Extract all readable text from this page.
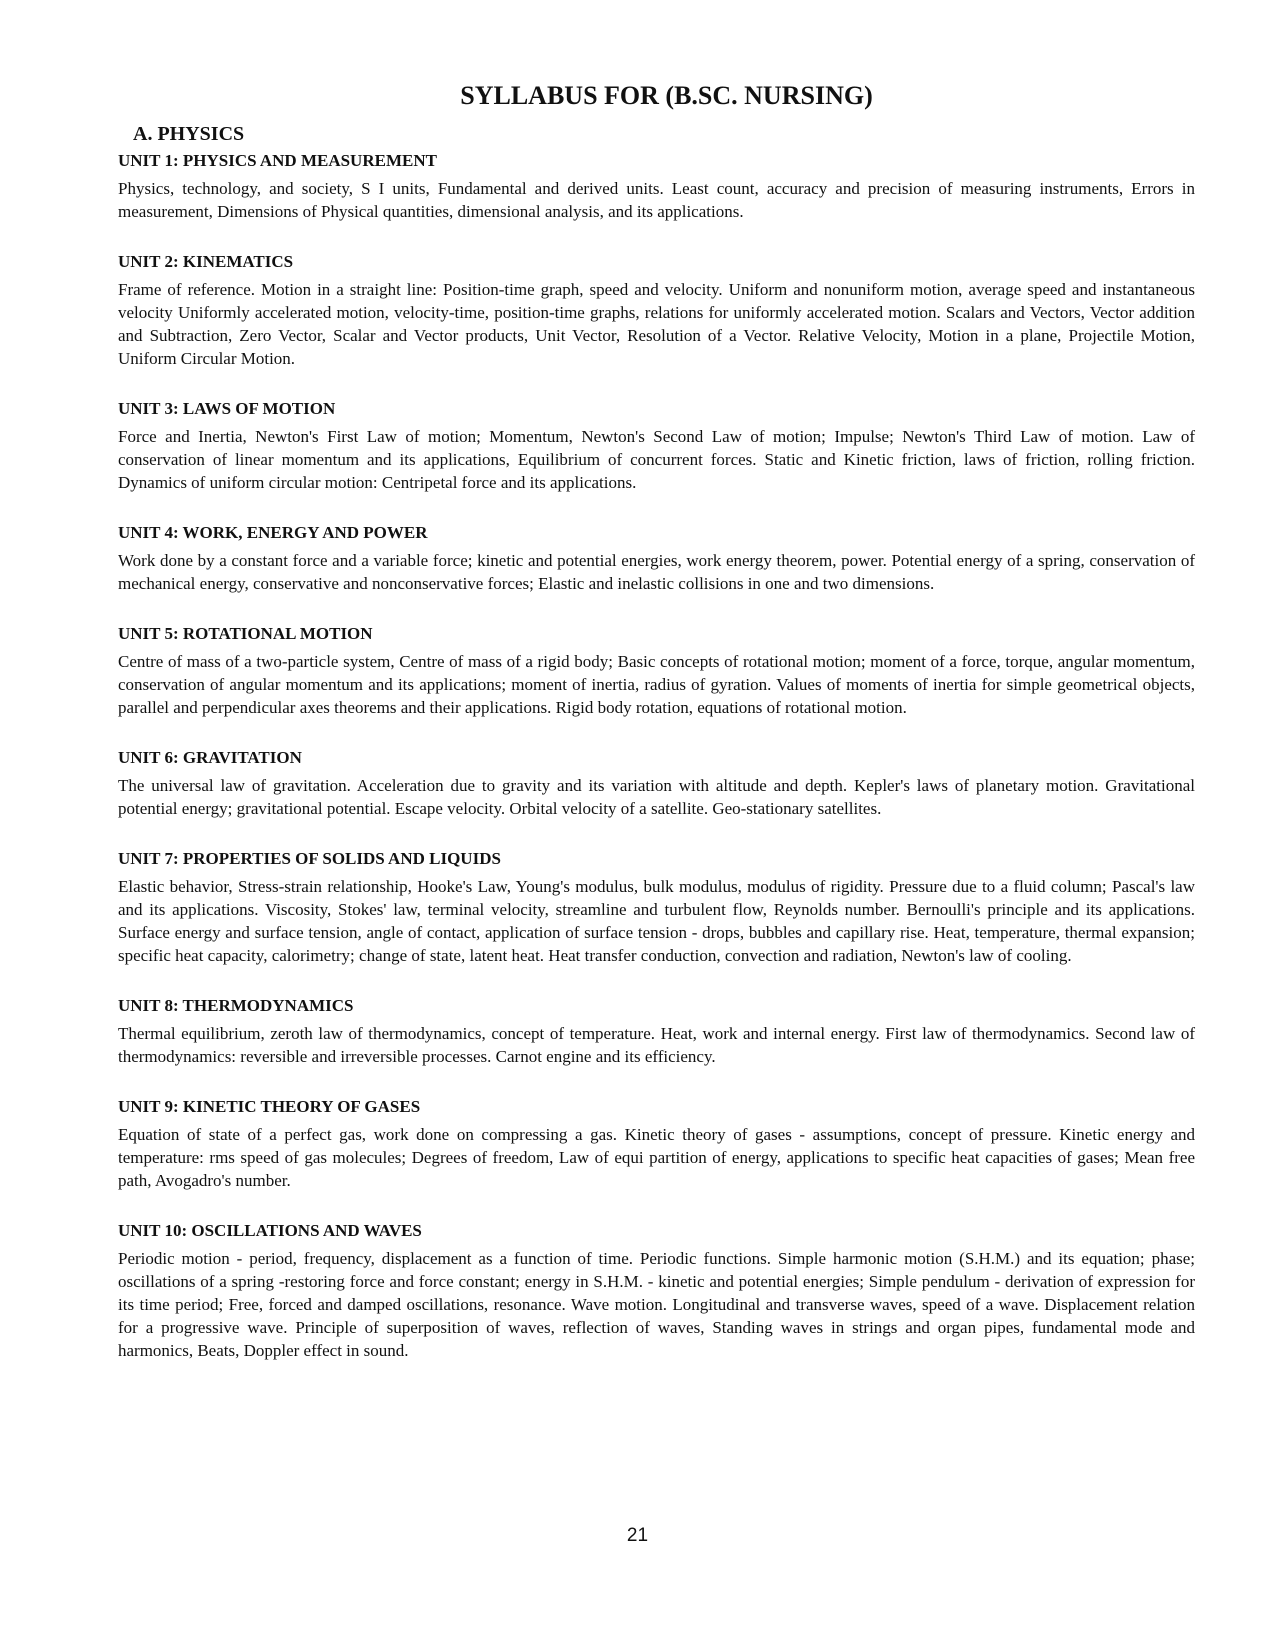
SYLLABUS FOR (B.SC. NURSING)
A. PHYSICS
UNIT 1: PHYSICS AND MEASUREMENT

Physics, technology, and society, S I units, Fundamental and derived units. Least count, accuracy and precision of measuring instruments, Errors in measurement, Dimensions of Physical quantities, dimensional analysis, and its applications.

UNIT 2: KINEMATICS

Frame of reference. Motion in a straight line: Position-time graph, speed and velocity. Uniform and nonuniform motion, average speed and instantaneous velocity Uniformly accelerated motion, velocity-time, position-time graphs, relations for uniformly accelerated motion. Scalars and Vectors, Vector addition and Subtraction, Zero Vector, Scalar and Vector products, Unit Vector, Resolution of a Vector. Relative Velocity, Motion in a plane, Projectile Motion, Uniform Circular Motion.

UNIT 3: LAWS OF MOTION

Force and Inertia, Newton's First Law of motion; Momentum, Newton's Second Law of motion; Impulse; Newton's Third Law of motion. Law of conservation of linear momentum and its applications, Equilibrium of concurrent forces. Static and Kinetic friction, laws of friction, rolling friction. Dynamics of uniform circular motion: Centripetal force and its applications.

UNIT 4: WORK, ENERGY AND POWER

Work done by a constant force and a variable force; kinetic and potential energies, work energy theorem, power. Potential energy of a spring, conservation of mechanical energy, conservative and nonconservative forces; Elastic and inelastic collisions in one and two dimensions.

UNIT 5: ROTATIONAL MOTION

Centre of mass of a two-particle system, Centre of mass of a rigid body; Basic concepts of rotational motion; moment of a force, torque, angular momentum, conservation of angular momentum and its applications; moment of inertia, radius of gyration. Values of moments of inertia for simple geometrical objects, parallel and perpendicular axes theorems and their applications. Rigid body rotation, equations of rotational motion.

UNIT 6: GRAVITATION

The universal law of gravitation. Acceleration due to gravity and its variation with altitude and depth. Kepler's laws of planetary motion. Gravitational potential energy; gravitational potential. Escape velocity. Orbital velocity of a satellite. Geo-stationary satellites.

UNIT 7: PROPERTIES OF SOLIDS AND LIQUIDS

Elastic behavior, Stress-strain relationship, Hooke's Law, Young's modulus, bulk modulus, modulus of rigidity. Pressure due to a fluid column; Pascal's law and its applications. Viscosity, Stokes' law, terminal velocity, streamline and turbulent flow, Reynolds number. Bernoulli's principle and its applications. Surface energy and surface tension, angle of contact, application of surface tension - drops, bubbles and capillary rise. Heat, temperature, thermal expansion; specific heat capacity, calorimetry; change of state, latent heat. Heat transfer conduction, convection and radiation, Newton's law of cooling.

UNIT 8: THERMODYNAMICS

Thermal equilibrium, zeroth law of thermodynamics, concept of temperature. Heat, work and internal energy. First law of thermodynamics. Second law of thermodynamics: reversible and irreversible processes. Carnot engine and its efficiency.

UNIT 9: KINETIC THEORY OF GASES

Equation of state of a perfect gas, work done on compressing a gas. Kinetic theory of gases - assumptions, concept of pressure. Kinetic energy and temperature: rms speed of gas molecules; Degrees of freedom, Law of equi partition of energy, applications to specific heat capacities of gases; Mean free path, Avogadro's number.

UNIT 10: OSCILLATIONS AND WAVES

Periodic motion - period, frequency, displacement as a function of time. Periodic functions. Simple harmonic motion (S.H.M.) and its equation; phase; oscillations of a spring -restoring force and force constant; energy in S.H.M. - kinetic and potential energies; Simple pendulum - derivation of expression for its time period; Free, forced and damped oscillations, resonance. Wave motion. Longitudinal and transverse waves, speed of a wave. Displacement relation for a progressive wave. Principle of superposition of waves, reflection of waves, Standing waves in strings and organ pipes, fundamental mode and harmonics, Beats, Doppler effect in sound.

21
